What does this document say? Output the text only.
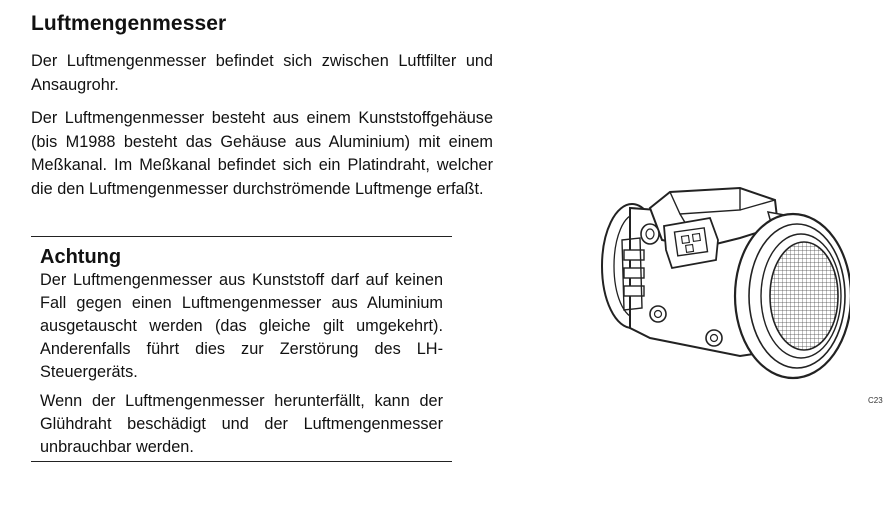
Luftmengenmesser

Der Luftmengenmesser befindet sich zwischen Luftfilter und Ansaugrohr.

Der Luftmengenmesser besteht aus einem Kunststoffgehäuse (bis M1988 besteht das Gehäuse aus Aluminium) mit einem Meßkanal. Im Meßkanal befindet sich ein Platindraht, welcher die den Luftmengenmesser durchströmende Luftmenge erfaßt.

Achtung

Der Luftmengenmesser aus Kunststoff darf auf keinen Fall gegen einen Luftmengenmesser aus Aluminium ausgetauscht werden (das gleiche gilt umgekehrt). Anderenfalls führt dies zur Zerstörung des LH-Steuergeräts.

Wenn der Luftmengenmesser herunterfällt, kann der Glühdraht beschädigt und der Luftmengenmesser unbrauchbar werden.

C23
